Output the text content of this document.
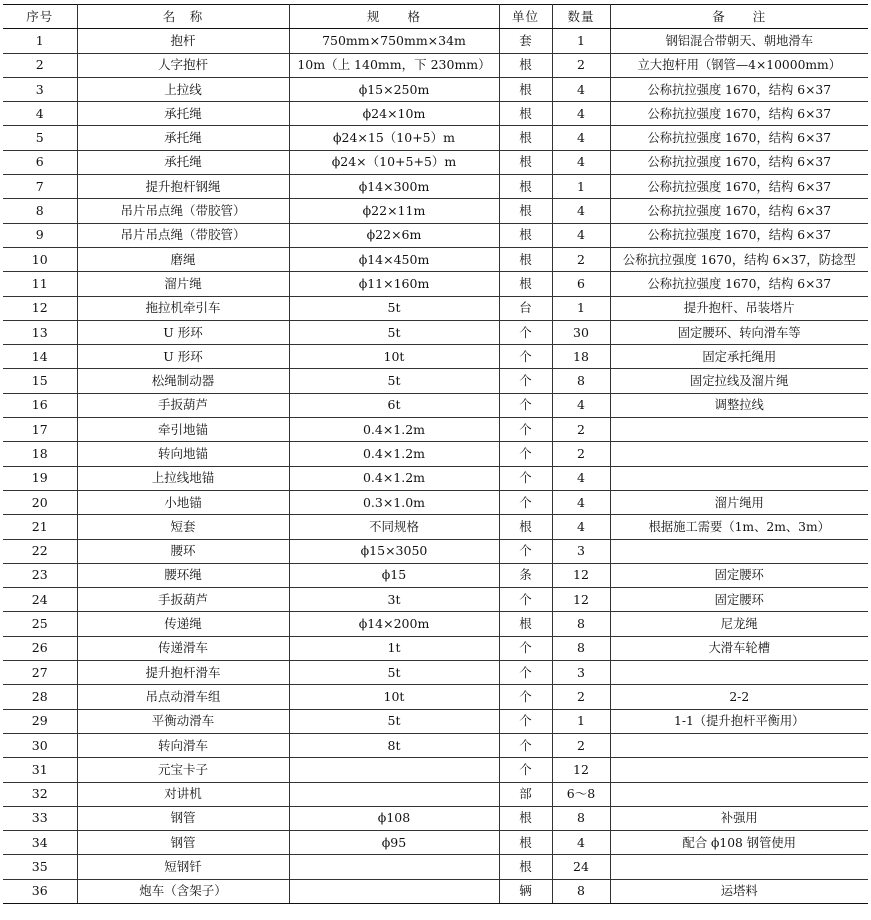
序号	名　称	规　　格	单位	数量	备　　注
1	抱杆	750mm×750mm×34m	套	1	钢铝混合带朝天、朝地滑车
2	人字抱杆	10m（上 140mm，下 230mm）	根	2	立大抱杆用（钢管—4×10000mm）
3	上拉线	ϕ15×250m	根	4	公称抗拉强度 1670，结构 6×37
4	承托绳	ϕ24×10m	根	4	公称抗拉强度 1670，结构 6×37
5	承托绳	ϕ24×15（10+5）m	根	4	公称抗拉强度 1670，结构 6×37
6	承托绳	ϕ24×（10+5+5）m	根	4	公称抗拉强度 1670，结构 6×37
7	提升抱杆钢绳	ϕ14×300m	根	1	公称抗拉强度 1670，结构 6×37
8	吊片吊点绳（带胶管）	ϕ22×11m	根	4	公称抗拉强度 1670，结构 6×37
9	吊片吊点绳（带胶管）	ϕ22×6m	根	4	公称抗拉强度 1670，结构 6×37
10	磨绳	ϕ14×450m	根	2	公称抗拉强度 1670，结构 6×37，防捻型
11	溜片绳	ϕ11×160m	根	6	公称抗拉强度 1670，结构 6×37
12	拖拉机牵引车	5t	台	1	提升抱杆、吊装塔片
13	U 形环	5t	个	30	固定腰环、转向滑车等
14	U 形环	10t	个	18	固定承托绳用
15	松绳制动器	5t	个	8	固定拉线及溜片绳
16	手扳葫芦	6t	个	4	调整拉线
17	牵引地锚	0.4×1.2m	个	2	
18	转向地锚	0.4×1.2m	个	2	
19	上拉线地锚	0.4×1.2m	个	4	
20	小地锚	0.3×1.0m	个	4	溜片绳用
21	短套	不同规格	根	4	根据施工需要（1m、2m、3m）
22	腰环	ϕ15×3050	个	3	
23	腰环绳	ϕ15	条	12	固定腰环
24	手扳葫芦	3t	个	12	固定腰环
25	传递绳	ϕ14×200m	根	8	尼龙绳
26	传递滑车	1t	个	8	大滑车轮槽
27	提升抱杆滑车	5t	个	3	
28	吊点动滑车组	10t	个	2	2-2
29	平衡动滑车	5t	个	1	1-1（提升抱杆平衡用）
30	转向滑车	8t	个	2	
31	元宝卡子		个	12	
32	对讲机		部	6～8	
33	钢管	ϕ108	根	8	补强用
34	钢管	ϕ95	根	4	配合 ϕ108 钢管使用
35	短钢钎		根	24	
36	炮车（含架子）		辆	8	运塔料
